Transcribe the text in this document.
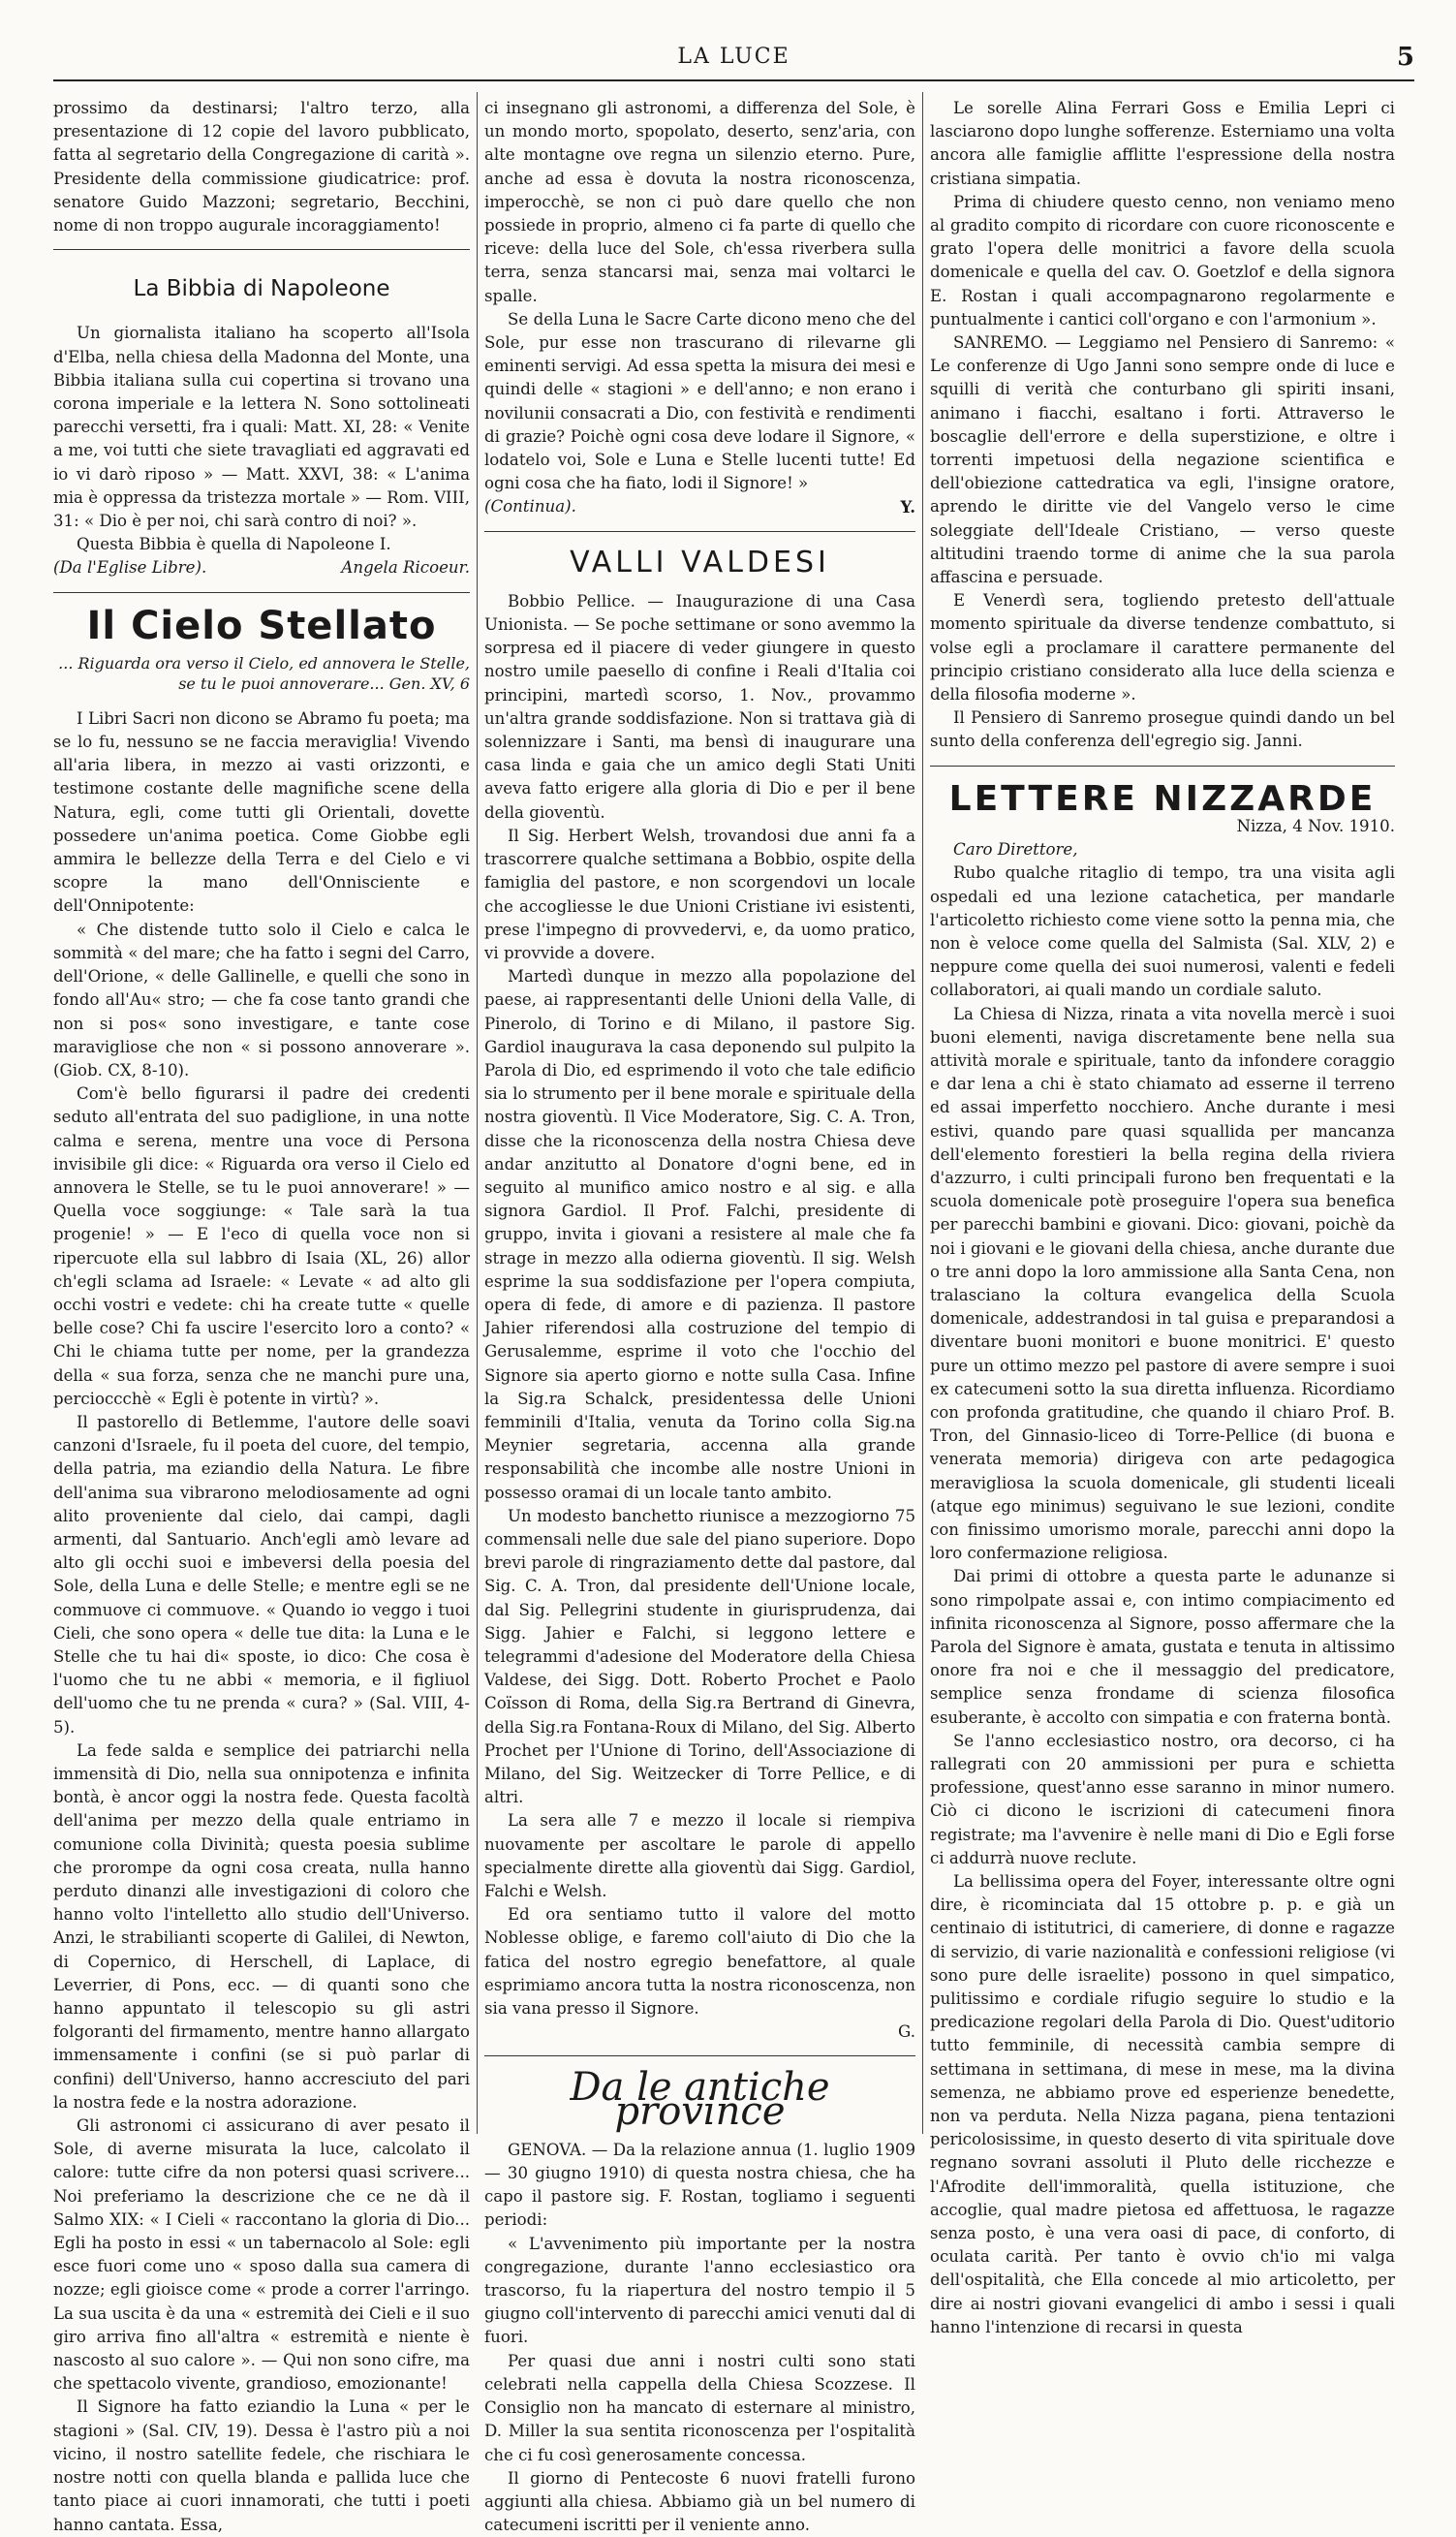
LA LUCE	5

prossimo da destinarsi; l'altro terzo, alla presentazione di 12 copie del lavoro pubblicato, fatta al segretario della Congregazione di carità ». Presidente della commissione giudicatrice: prof. senatore Guido Mazzoni; segretario, Becchini, nome di non troppo augurale incoraggiamento!

La Bibbia di Napoleone

Un giornalista italiano ha scoperto all'Isola d'Elba, nella chiesa della Madonna del Monte, una Bibbia italiana sulla cui copertina si trovano una corona imperiale e la lettera N. Sono sottolineati parecchi versetti, fra i quali: Matt. XI, 28: « Venite a me, voi tutti che siete travagliati ed aggravati ed io vi darò riposo » — Matt. XXVI, 38: « L'anima mia è oppressa da tristezza mortale » — Rom. VIII, 31: « Dio è per noi, chi sarà contro di noi? ».

Questa Bibbia è quella di Napoleone I.

(Da l'Eglise Libre).	Angela Ricoeur.
Il Cielo Stellato
... Riguarda ora verso il Cielo, ed annovera le Stelle, se tu le puoi annoverare... Gen. XV, 6

I Libri Sacri non dicono se Abramo fu poeta; ma se lo fu, nessuno se ne faccia meraviglia! Vivendo all'aria libera, in mezzo ai vasti orizzonti, e testimone costante delle magnifiche scene della Natura, egli, come tutti gli Orientali, dovette possedere un'anima poetica. Come Giobbe egli ammira le bellezze della Terra e del Cielo e vi scopre la mano dell'Onnisciente e dell'Onnipotente:

« Che distende tutto solo il Cielo e calca le sommità « del mare; che ha fatto i segni del Carro, dell'Orione, « delle Gallinelle, e quelli che sono in fondo all'Au« stro; — che fa cose tanto grandi che non si pos« sono investigare, e tante cose maravigliose che non « si possono annoverare ». (Giob. CX, 8-10).

Com'è bello figurarsi il padre dei credenti seduto all'entrata del suo padiglione, in una notte calma e serena, mentre una voce di Persona invisibile gli dice: « Riguarda ora verso il Cielo ed annovera le Stelle, se tu le puoi annoverare! » — Quella voce soggiunge: « Tale sarà la tua progenie! » — E l'eco di quella voce non si ripercuote ella sul labbro di Isaia (XL, 26) allor ch'egli sclama ad Israele: « Levate « ad alto gli occhi vostri e vedete: chi ha create tutte « quelle belle cose? Chi fa uscire l'esercito loro a conto? « Chi le chiama tutte per nome, per la grandezza della « sua forza, senza che ne manchi pure una, percioccchè « Egli è potente in virtù? ».

Il pastorello di Betlemme, l'autore delle soavi canzoni d'Israele, fu il poeta del cuore, del tempio, della patria, ma eziandio della Natura. Le fibre dell'anima sua vibrarono melodiosamente ad ogni alito proveniente dal cielo, dai campi, dagli armenti, dal Santuario. Anch'egli amò levare ad alto gli occhi suoi e imbeversi della poesia del Sole, della Luna e delle Stelle; e mentre egli se ne commuove ci commuove. « Quando io veggo i tuoi Cieli, che sono opera « delle tue dita: la Luna e le Stelle che tu hai di« sposte, io dico: Che cosa è l'uomo che tu ne abbi « memoria, e il figliuol dell'uomo che tu ne prenda « cura? » (Sal. VIII, 4-5).

La fede salda e semplice dei patriarchi nella immensità di Dio, nella sua onnipotenza e infinita bontà, è ancor oggi la nostra fede. Questa facoltà dell'anima per mezzo della quale entriamo in comunione colla Divinità; questa poesia sublime che prorompe da ogni cosa creata, nulla hanno perduto dinanzi alle investigazioni di coloro che hanno volto l'intelletto allo studio dell'Universo. Anzi, le strabilianti scoperte di Galilei, di Newton, di Copernico, di Herschell, di Laplace, di Leverrier, di Pons, ecc. — di quanti sono che hanno appuntato il telescopio su gli astri folgoranti del firmamento, mentre hanno allargato immensamente i confini (se si può parlar di confini) dell'Universo, hanno accresciuto del pari la nostra fede e la nostra adorazione.

Gli astronomi ci assicurano di aver pesato il Sole, di averne misurata la luce, calcolato il calore: tutte cifre da non potersi quasi scrivere... Noi preferiamo la descrizione che ce ne dà il Salmo XIX: « I Cieli « raccontano la gloria di Dio... Egli ha posto in essi « un tabernacolo al Sole: egli esce fuori come uno « sposo dalla sua camera di nozze; egli gioisce come « prode a correr l'arringo. La sua uscita è da una « estremità dei Cieli e il suo giro arriva fino all'altra « estremità e niente è nascosto al suo calore ». — Qui non sono cifre, ma che spettacolo vivente, grandioso, emozionante!

Il Signore ha fatto eziandio la Luna « per le stagioni » (Sal. CIV, 19). Dessa è l'astro più a noi vicino, il nostro satellite fedele, che rischiara le nostre notti con quella blanda e pallida luce che tanto piace ai cuori innamorati, che tutti i poeti hanno cantata. Essa,

ci insegnano gli astronomi, a differenza del Sole, è un mondo morto, spopolato, deserto, senz'aria, con alte montagne ove regna un silenzio eterno. Pure, anche ad essa è dovuta la nostra riconoscenza, imperocchè, se non ci può dare quello che non possiede in proprio, almeno ci fa parte di quello che riceve: della luce del Sole, ch'essa riverbera sulla terra, senza stancarsi mai, senza mai voltarci le spalle.

Se della Luna le Sacre Carte dicono meno che del Sole, pur esse non trascurano di rilevarne gli eminenti servigi. Ad essa spetta la misura dei mesi e quindi delle « stagioni » e dell'anno; e non erano i novilunii consacrati a Dio, con festività e rendimenti di grazie? Poichè ogni cosa deve lodare il Signore, « lodatelo voi, Sole e Luna e Stelle lucenti tutte! Ed ogni cosa che ha fiato, lodi il Signore! »

(Continua).	Y.
VALLI VALDESI

Bobbio Pellice. — Inaugurazione di una Casa Unionista. — Se poche settimane or sono avemmo la sorpresa ed il piacere di veder giungere in questo nostro umile paesello di confine i Reali d'Italia coi principini, martedì scorso, 1. Nov., provammo un'altra grande soddisfazione. Non si trattava già di solennizzare i Santi, ma bensì di inaugurare una casa linda e gaia che un amico degli Stati Uniti aveva fatto erigere alla gloria di Dio e per il bene della gioventù.

Il Sig. Herbert Welsh, trovandosi due anni fa a trascorrere qualche settimana a Bobbio, ospite della famiglia del pastore, e non scorgendovi un locale che accogliesse le due Unioni Cristiane ivi esistenti, prese l'impegno di provvedervi, e, da uomo pratico, vi provvide a dovere.

Martedì dunque in mezzo alla popolazione del paese, ai rappresentanti delle Unioni della Valle, di Pinerolo, di Torino e di Milano, il pastore Sig. Gardiol inaugurava la casa deponendo sul pulpito la Parola di Dio, ed esprimendo il voto che tale edificio sia lo strumento per il bene morale e spirituale della nostra gioventù. Il Vice Moderatore, Sig. C. A. Tron, disse che la riconoscenza della nostra Chiesa deve andar anzitutto al Donatore d'ogni bene, ed in seguito al munifico amico nostro e al sig. e alla signora Gardiol. Il Prof. Falchi, presidente di gruppo, invita i giovani a resistere al male che fa strage in mezzo alla odierna gioventù. Il sig. Welsh esprime la sua soddisfazione per l'opera compiuta, opera di fede, di amore e di pazienza. Il pastore Jahier riferendosi alla costruzione del tempio di Gerusalemme, esprime il voto che l'occhio del Signore sia aperto giorno e notte sulla Casa. Infine la Sig.ra Schalck, presidentessa delle Unioni femminili d'Italia, venuta da Torino colla Sig.na Meynier segretaria, accenna alla grande responsabilità che incombe alle nostre Unioni in possesso oramai di un locale tanto ambito.

Un modesto banchetto riunisce a mezzogiorno 75 commensali nelle due sale del piano superiore. Dopo brevi parole di ringraziamento dette dal pastore, dal Sig. C. A. Tron, dal presidente dell'Unione locale, dal Sig. Pellegrini studente in giurisprudenza, dai Sigg. Jahier e Falchi, si leggono lettere e telegrammi d'adesione del Moderatore della Chiesa Valdese, dei Sigg. Dott. Roberto Prochet e Paolo Coïsson di Roma, della Sig.ra Bertrand di Ginevra, della Sig.ra Fontana-Roux di Milano, del Sig. Alberto Prochet per l'Unione di Torino, dell'Associazione di Milano, del Sig. Weitzecker di Torre Pellice, e di altri.

La sera alle 7 e mezzo il locale si riempiva nuovamente per ascoltare le parole di appello specialmente dirette alla gioventù dai Sigg. Gardiol, Falchi e Welsh.

Ed ora sentiamo tutto il valore del motto Noblesse oblige, e faremo coll'aiuto di Dio che la fatica del nostro egregio benefattore, al quale esprimiamo ancora tutta la nostra riconoscenza, non sia vana presso il Signore.

G.
Da le antiche province

GENOVA. — Da la relazione annua (1. luglio 1909 — 30 giugno 1910) di questa nostra chiesa, che ha capo il pastore sig. F. Rostan, togliamo i seguenti periodi:

« L'avvenimento più importante per la nostra congregazione, durante l'anno ecclesiastico ora trascorso, fu la riapertura del nostro tempio il 5 giugno coll'intervento di parecchi amici venuti dal di fuori.

Per quasi due anni i nostri culti sono stati celebrati nella cappella della Chiesa Scozzese. Il Consiglio non ha mancato di esternare al ministro, D. Miller la sua sentita riconoscenza per l'ospitalità che ci fu così generosamente concessa.

Il giorno di Pentecoste 6 nuovi fratelli furono aggiunti alla chiesa. Abbiamo già un bel numero di catecumeni iscritti per il veniente anno.

Le sorelle Alina Ferrari Goss e Emilia Lepri ci lasciarono dopo lunghe sofferenze. Esterniamo una volta ancora alle famiglie afflitte l'espressione della nostra cristiana simpatia.

Prima di chiudere questo cenno, non veniamo meno al gradito compito di ricordare con cuore riconoscente e grato l'opera delle monitrici a favore della scuola domenicale e quella del cav. O. Goetzlof e della signora E. Rostan i quali accompagnarono regolarmente e puntualmente i cantici coll'organo e con l'armonium ».

SANREMO. — Leggiamo nel Pensiero di Sanremo: « Le conferenze di Ugo Janni sono sempre onde di luce e squilli di verità che conturbano gli spiriti insani, animano i fiacchi, esaltano i forti. Attraverso le boscaglie dell'errore e della superstizione, e oltre i torrenti impetuosi della negazione scientifica e dell'obiezione cattedratica va egli, l'insigne oratore, aprendo le diritte vie del Vangelo verso le cime soleggiate dell'Ideale Cristiano, — verso queste altitudini traendo torme di anime che la sua parola affascina e persuade.

E Venerdì sera, togliendo pretesto dell'attuale momento spirituale da diverse tendenze combattuto, si volse egli a proclamare il carattere permanente del principio cristiano considerato alla luce della scienza e della filosofia moderne ».

Il Pensiero di Sanremo prosegue quindi dando un bel sunto della conferenza dell'egregio sig. Janni.

LETTERE NIZZARDE
Nizza, 4 Nov. 1910.

Caro Direttore,

Rubo qualche ritaglio di tempo, tra una visita agli ospedali ed una lezione catachetica, per mandarle l'articoletto richiesto come viene sotto la penna mia, che non è veloce come quella del Salmista (Sal. XLV, 2) e neppure come quella dei suoi numerosi, valenti e fedeli collaboratori, ai quali mando un cordiale saluto.

La Chiesa di Nizza, rinata a vita novella mercè i suoi buoni elementi, naviga discretamente bene nella sua attività morale e spirituale, tanto da infondere coraggio e dar lena a chi è stato chiamato ad esserne il terreno ed assai imperfetto nocchiero. Anche durante i mesi estivi, quando pare quasi squallida per mancanza dell'elemento forestieri la bella regina della riviera d'azzurro, i culti principali furono ben frequentati e la scuola domenicale potè proseguire l'opera sua benefica per parecchi bambini e giovani. Dico: giovani, poichè da noi i giovani e le giovani della chiesa, anche durante due o tre anni dopo la loro ammissione alla Santa Cena, non tralasciano la coltura evangelica della Scuola domenicale, addestrandosi in tal guisa e preparandosi a diventare buoni monitori e buone monitrici. E' questo pure un ottimo mezzo pel pastore di avere sempre i suoi ex catecumeni sotto la sua diretta influenza. Ricordiamo con profonda gratitudine, che quando il chiaro Prof. B. Tron, del Ginnasio-liceo di Torre-Pellice (di buona e venerata memoria) dirigeva con arte pedagogica meravigliosa la scuola domenicale, gli studenti liceali (atque ego minimus) seguivano le sue lezioni, condite con finissimo umorismo morale, parecchi anni dopo la loro confermazione religiosa.

Dai primi di ottobre a questa parte le adunanze si sono rimpolpate assai e, con intimo compiacimento ed infinita riconoscenza al Signore, posso affermare che la Parola del Signore è amata, gustata e tenuta in altissimo onore fra noi e che il messaggio del predicatore, semplice senza frondame di scienza filosofica esuberante, è accolto con simpatia e con fraterna bontà.

Se l'anno ecclesiastico nostro, ora decorso, ci ha rallegrati con 20 ammissioni per pura e schietta professione, quest'anno esse saranno in minor numero. Ciò ci dicono le iscrizioni di catecumeni finora registrate; ma l'avvenire è nelle mani di Dio e Egli forse ci addurrà nuove reclute.

La bellissima opera del Foyer, interessante oltre ogni dire, è ricominciata dal 15 ottobre p. p. e già un centinaio di istitutrici, di cameriere, di donne e ragazze di servizio, di varie nazionalità e confessioni religiose (vi sono pure delle israelite) possono in quel simpatico, pulitissimo e cordiale rifugio seguire lo studio e la predicazione regolari della Parola di Dio. Quest'uditorio tutto femminile, di necessità cambia sempre di settimana in settimana, di mese in mese, ma la divina semenza, ne abbiamo prove ed esperienze benedette, non va perduta. Nella Nizza pagana, piena tentazioni pericolosissime, in questo deserto di vita spirituale dove regnano sovrani assoluti il Pluto delle ricchezze e l'Afrodite dell'immoralità, quella istituzione, che accoglie, qual madre pietosa ed affettuosa, le ragazze senza posto, è una vera oasi di pace, di conforto, di oculata carità. Per tanto è ovvio ch'io mi valga dell'ospitalità, che Ella concede al mio articoletto, per dire ai nostri giovani evangelici di ambo i sessi i quali hanno l'intenzione di recarsi in questa
